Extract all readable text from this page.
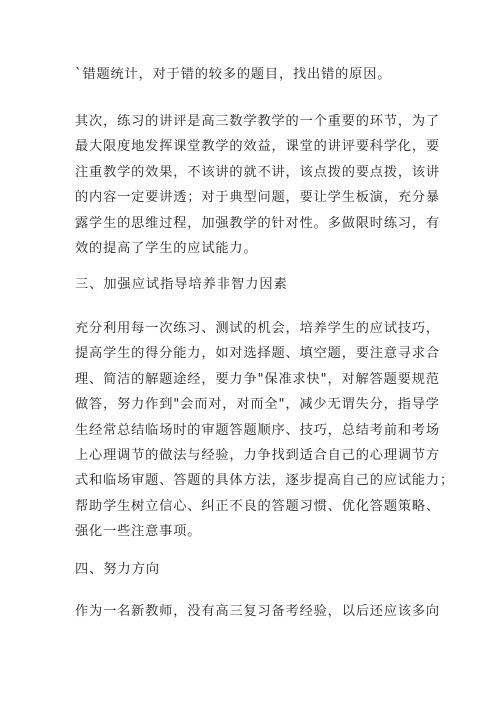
`错题统计，对于错的较多的题目，找出错的原因。
其次，练习的讲评是高三数学教学的一个重要的环节，为了
最大限度地发挥课堂教学的效益，课堂的讲评要科学化，要
注重教学的效果，不该讲的就不讲，该点拨的要点拨，该讲
的内容一定要讲透；对于典型问题，要让学生板演，充分暴
露学生的思维过程，加强教学的针对性。多做限时练习，有
效的提高了学生的应试能力。
三、加强应试指导培养非智力因素
充分利用每一次练习、测试的机会，培养学生的应试技巧，
提高学生的得分能力，如对选择题、填空题，要注意寻求合
理、简洁的解题途经，要力争"保准求快"，对解答题要规范
做答，努力作到"会而对，对而全"，减少无谓失分，指导学
生经常总结临场时的审题答题顺序、技巧，总结考前和考场
上心理调节的做法与经验，力争找到适合自己的心理调节方
式和临场审题、答题的具体方法，逐步提高自己的应试能力；
帮助学生树立信心、纠正不良的答题习惯、优化答题策略、
强化一些注意事项。
四、努力方向
作为一名新教师，没有高三复习备考经验，以后还应该多向
